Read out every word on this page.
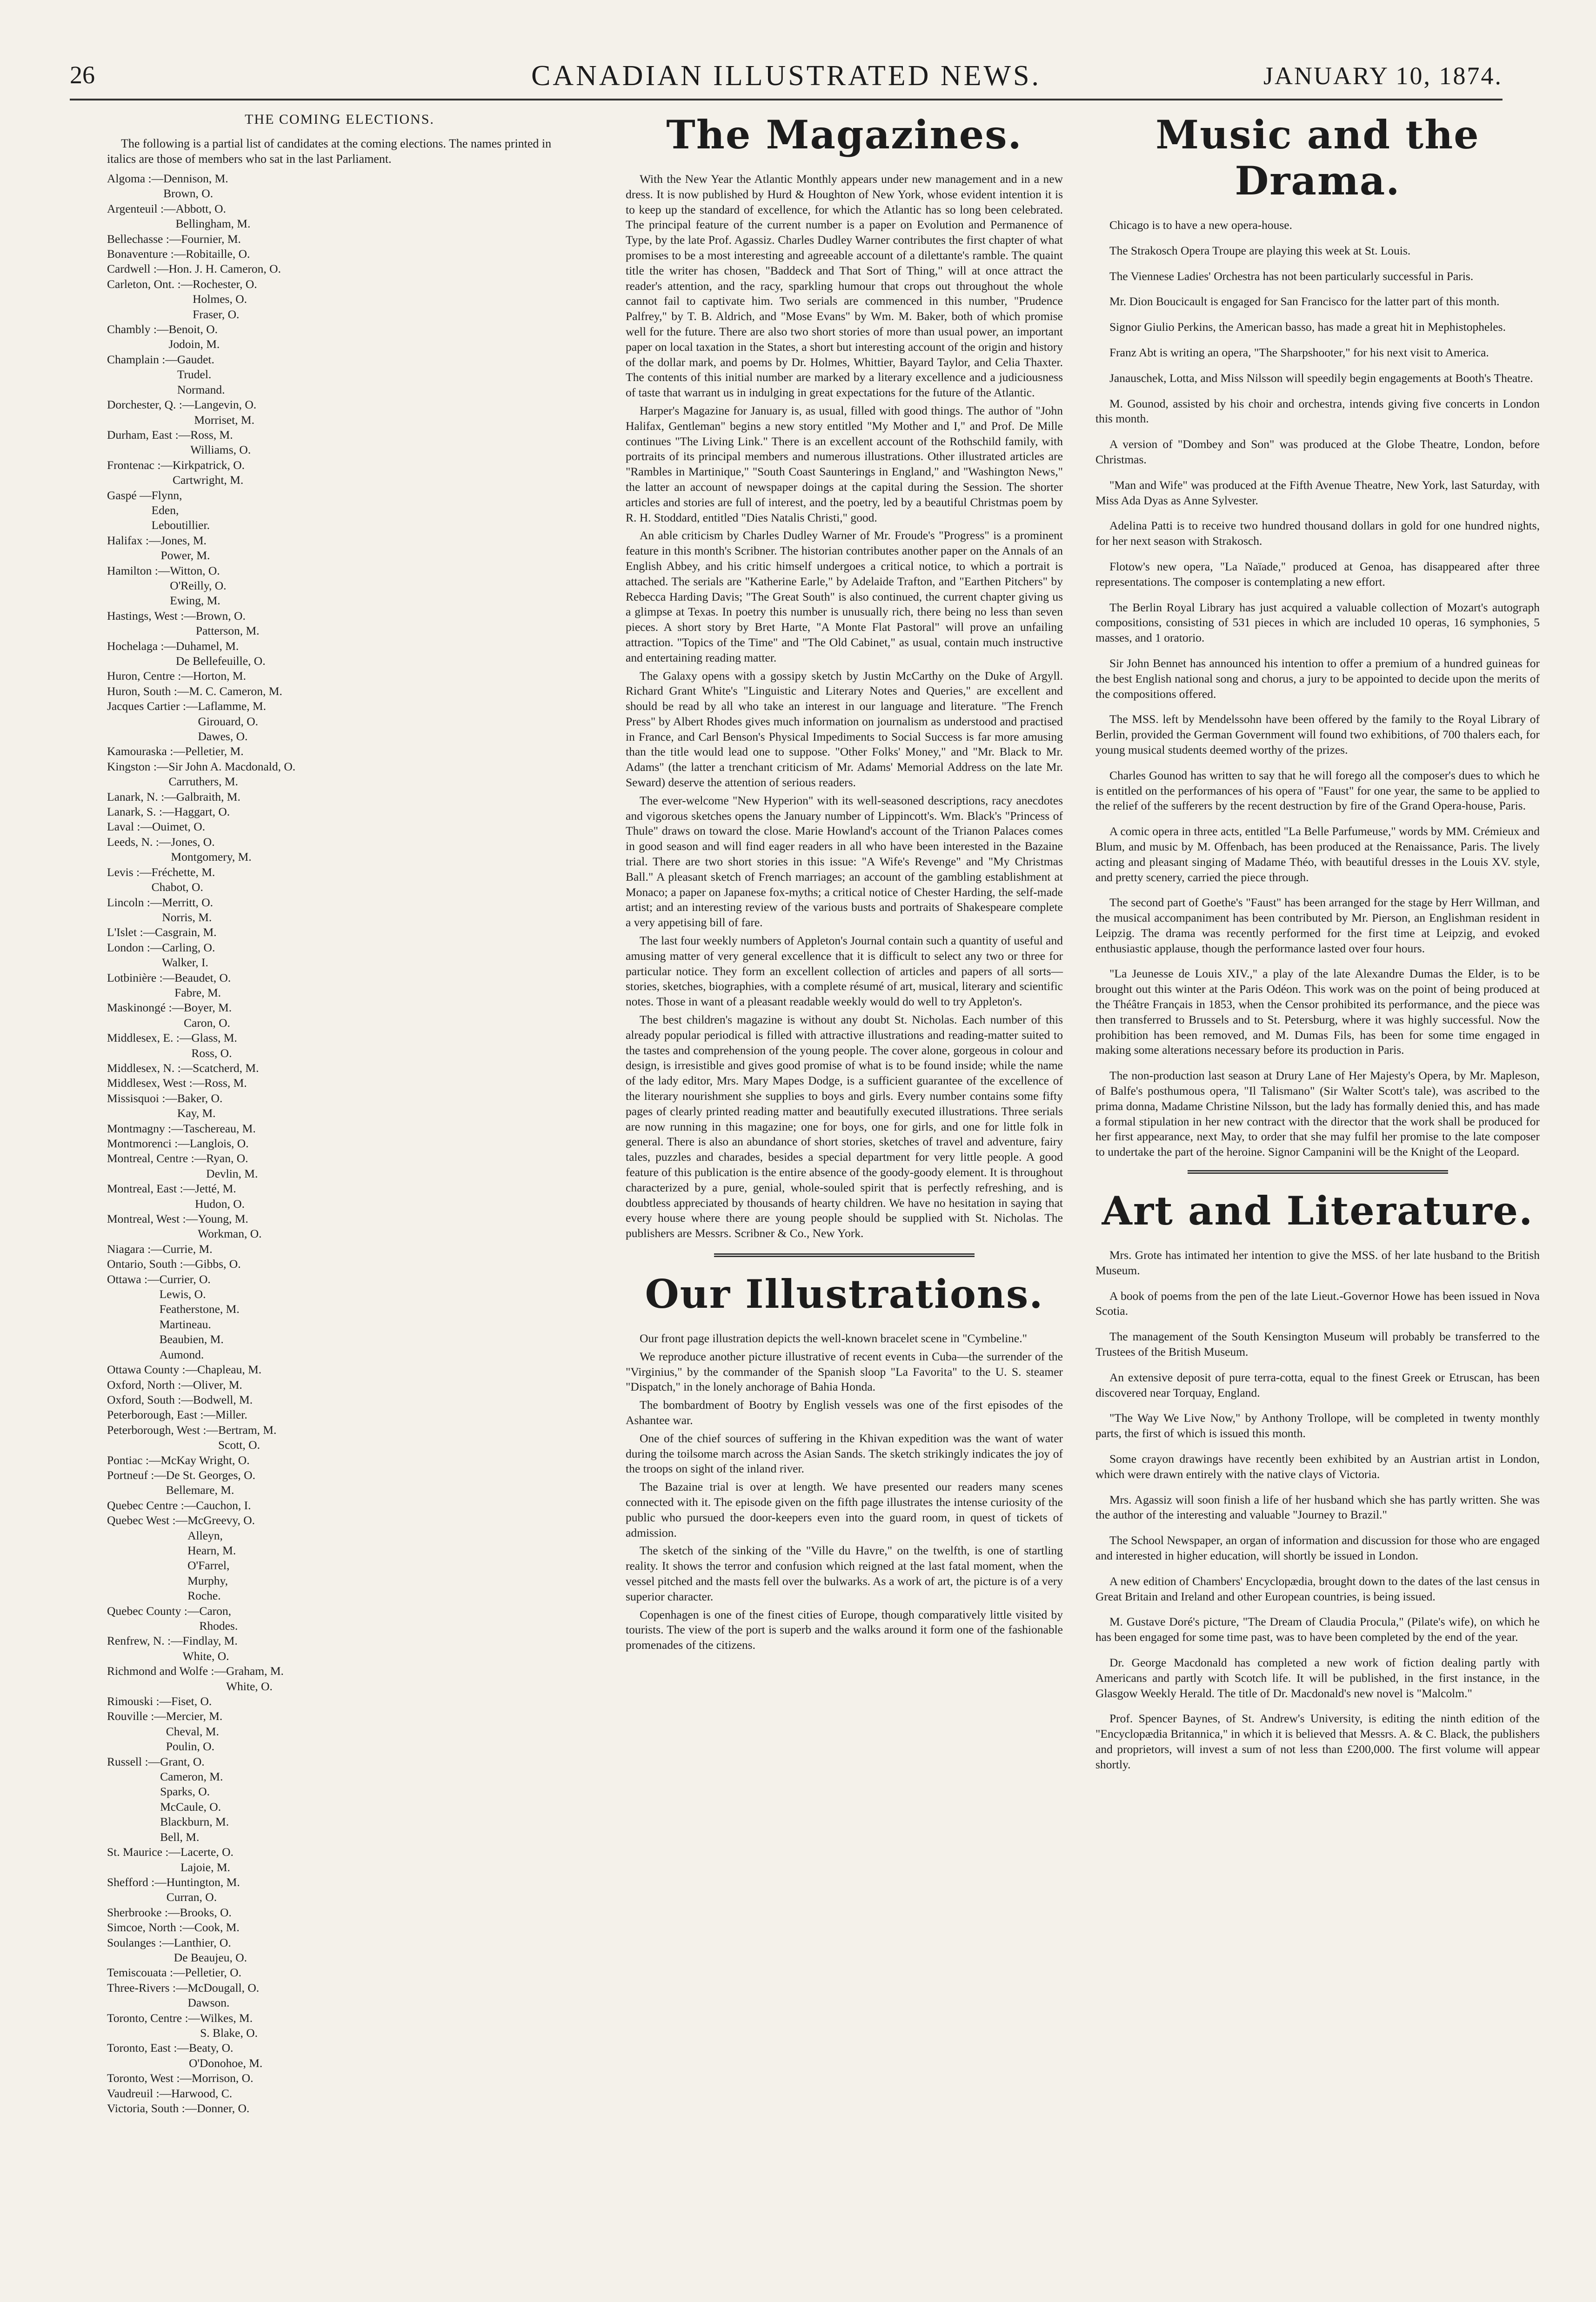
26	CANADIAN ILLUSTRATED NEWS.	JANUARY 10, 1874.
THE COMING ELECTIONS.

The following is a partial list of candidates at the coming elections. The names printed in italics are those of members who sat in the last Parliament.

Algoma :— Dennison, M.
Brown, O.
Argenteuil :— Abbott, O.
Bellingham, M.
Bellechasse :— Fournier, M.
Bonaventure :— Robitaille, O.
Cardwell :— Hon. J. H. Cameron, O.
Carleton, Ont. :— Rochester, O.
Holmes, O.
Fraser, O.
Chambly :— Benoit, O.
Jodoin, M.
Champlain :— Gaudet.
Trudel.
Normand.
Dorchester, Q. :— Langevin, O.
Morriset, M.
Durham, East :— Ross, M.
Williams, O.
Frontenac :— Kirkpatrick, O.
Cartwright, M.
Gaspé — Flynn,
Eden,
Leboutillier.
Halifax :— Jones, M.
Power, M.
Hamilton :— Witton, O.
O'Reilly, O.
Ewing, M.
Hastings, West :— Brown, O.
Patterson, M.
Hochelaga :— Duhamel, M.
De Bellefeuille, O.
Huron, Centre :— Horton, M.
Huron, South :— M. C. Cameron, M.
Jacques Cartier :— Laflamme, M.
Girouard, O.
Dawes, O.
Kamouraska :— Pelletier, M.
Kingston :— Sir John A. Macdonald, O.
Carruthers, M.
Lanark, N. :— Galbraith, M.
Lanark, S. :— Haggart, O.
Laval :— Ouimet, O.
Leeds, N. :— Jones, O.
Montgomery, M.
Levis :— Fréchette, M.
Chabot, O.
Lincoln :— Merritt, O.
Norris, M.
L'Islet :— Casgrain, M.
London :— Carling, O.
Walker, I.
Lotbinière :— Beaudet, O.
Fabre, M.
Maskinongé :— Boyer, M.
Caron, O.
Middlesex, E. :— Glass, M.
Ross, O.
Middlesex, N. :— Scatcherd, M.
Middlesex, West :— Ross, M.
Missisquoi :— Baker, O.
Kay, M.
Montmagny :— Taschereau, M.
Montmorenci :— Langlois, O.
Montreal, Centre :— Ryan, O.
Devlin, M.
Montreal, East :— Jetté, M.
Hudon, O.
Montreal, West :— Young, M.
Workman, O.
Niagara :— Currie, M.
Ontario, South :— Gibbs, O.
Ottawa :— Currier, O.
Lewis, O.
Featherstone, M.
Martineau.
Beaubien, M.
Aumond.
Ottawa County :— Chapleau, M.
Oxford, North :— Oliver, M.
Oxford, South :— Bodwell, M.
Peterborough, East :— Miller.
Peterborough, West :— Bertram, M.
Scott, O.
Pontiac :— McKay Wright, O.
Portneuf :— De St. Georges, O.
Bellemare, M.
Quebec Centre :— Cauchon, I.
Quebec West :— McGreevy, O.
Alleyn,
Hearn, M.
O'Farrel,
Murphy,
Roche.
Quebec County :— Caron,
Rhodes.
Renfrew, N. :— Findlay, M.
White, O.
Richmond and Wolfe :— Graham, M.
White, O.
Rimouski :— Fiset, O.
Rouville :— Mercier, M.
Cheval, M.
Poulin, O.
Russell :— Grant, O.
Cameron, M.
Sparks, O.
McCaule, O.
Blackburn, M.
Bell, M.
St. Maurice :— Lacerte, O.
Lajoie, M.
Shefford :— Huntington, M.
Curran, O.
Sherbrooke :— Brooks, O.
Simcoe, North :— Cook, M.
Soulanges :— Lanthier, O.
De Beaujeu, O.
Temiscouata :— Pelletier, O.
Three-Rivers :— McDougall, O.
Dawson.
Toronto, Centre :— Wilkes, M.
S. Blake, O.
Toronto, East :— Beaty, O.
O'Donohoe, M.
Toronto, West :— Morrison, O.
Vaudreuil :— Harwood, C.
Victoria, South :— Donner, O.
The Magazines.

With the New Year the Atlantic Monthly appears under new management and in a new dress. It is now published by Hurd & Houghton of New York, whose evident intention it is to keep up the standard of excellence, for which the Atlantic has so long been celebrated. The principal feature of the current number is a paper on Evolution and Permanence of Type, by the late Prof. Agassiz. Charles Dudley Warner contributes the first chapter of what promises to be a most interesting and agreeable account of a dilettante's ramble. The quaint title the writer has chosen, "Baddeck and That Sort of Thing," will at once attract the reader's attention, and the racy, sparkling humour that crops out throughout the whole cannot fail to captivate him. Two serials are commenced in this number, "Prudence Palfrey," by T. B. Aldrich, and "Mose Evans" by Wm. M. Baker, both of which promise well for the future. There are also two short stories of more than usual power, an important paper on local taxation in the States, a short but interesting account of the origin and history of the dollar mark, and poems by Dr. Holmes, Whittier, Bayard Taylor, and Celia Thaxter. The contents of this initial number are marked by a literary excellence and a judiciousness of taste that warrant us in indulging in great expectations for the future of the Atlantic.

Harper's Magazine for January is, as usual, filled with good things. The author of "John Halifax, Gentleman" begins a new story entitled "My Mother and I," and Prof. De Mille continues "The Living Link." There is an excellent account of the Rothschild family, with portraits of its principal members and numerous illustrations. Other illustrated articles are "Rambles in Martinique," "South Coast Saunterings in England," and "Washington News," the latter an account of newspaper doings at the capital during the Session. The shorter articles and stories are full of interest, and the poetry, led by a beautiful Christmas poem by R. H. Stoddard, entitled "Dies Natalis Christi," good.

An able criticism by Charles Dudley Warner of Mr. Froude's "Progress" is a prominent feature in this month's Scribner. The historian contributes another paper on the Annals of an English Abbey, and his critic himself undergoes a critical notice, to which a portrait is attached. The serials are "Katherine Earle," by Adelaide Trafton, and "Earthen Pitchers" by Rebecca Harding Davis; "The Great South" is also continued, the current chapter giving us a glimpse at Texas. In poetry this number is unusually rich, there being no less than seven pieces. A short story by Bret Harte, "A Monte Flat Pastoral" will prove an unfailing attraction. "Topics of the Time" and "The Old Cabinet," as usual, contain much instructive and entertaining reading matter.

The Galaxy opens with a gossipy sketch by Justin McCarthy on the Duke of Argyll. Richard Grant White's "Linguistic and Literary Notes and Queries," are excellent and should be read by all who take an interest in our language and literature. "The French Press" by Albert Rhodes gives much information on journalism as understood and practised in France, and Carl Benson's Physical Impediments to Social Success is far more amusing than the title would lead one to suppose. "Other Folks' Money," and "Mr. Black to Mr. Adams" (the latter a trenchant criticism of Mr. Adams' Memorial Address on the late Mr. Seward) deserve the attention of serious readers.

The ever-welcome "New Hyperion" with its well-seasoned descriptions, racy anecdotes and vigorous sketches opens the January number of Lippincott's. Wm. Black's "Princess of Thule" draws on toward the close. Marie Howland's account of the Trianon Palaces comes in good season and will find eager readers in all who have been interested in the Bazaine trial. There are two short stories in this issue: "A Wife's Revenge" and "My Christmas Ball." A pleasant sketch of French marriages; an account of the gambling establishment at Monaco; a paper on Japanese fox-myths; a critical notice of Chester Harding, the self-made artist; and an interesting review of the various busts and portraits of Shakespeare complete a very appetising bill of fare.

The last four weekly numbers of Appleton's Journal contain such a quantity of useful and amusing matter of very general excellence that it is difficult to select any two or three for particular notice. They form an excellent collection of articles and papers of all sorts—stories, sketches, biographies, with a complete résumé of art, musical, literary and scientific notes. Those in want of a pleasant readable weekly would do well to try Appleton's.

The best children's magazine is without any doubt St. Nicholas. Each number of this already popular periodical is filled with attractive illustrations and reading-matter suited to the tastes and comprehension of the young people. The cover alone, gorgeous in colour and design, is irresistible and gives good promise of what is to be found inside; while the name of the lady editor, Mrs. Mary Mapes Dodge, is a sufficient guarantee of the excellence of the literary nourishment she supplies to boys and girls. Every number contains some fifty pages of clearly printed reading matter and beautifully executed illustrations. Three serials are now running in this magazine; one for boys, one for girls, and one for little folk in general. There is also an abundance of short stories, sketches of travel and adventure, fairy tales, puzzles and charades, besides a special department for very little people. A good feature of this publication is the entire absence of the goody-goody element. It is throughout characterized by a pure, genial, whole-souled spirit that is perfectly refreshing, and is doubtless appreciated by thousands of hearty children. We have no hesitation in saying that every house where there are young people should be supplied with St. Nicholas. The publishers are Messrs. Scribner & Co., New York.

Our Illustrations.

Our front page illustration depicts the well-known bracelet scene in "Cymbeline."

We reproduce another picture illustrative of recent events in Cuba—the surrender of the "Virginius," by the commander of the Spanish sloop "La Favorita" to the U. S. steamer "Dispatch," in the lonely anchorage of Bahia Honda.

The bombardment of Bootry by English vessels was one of the first episodes of the Ashantee war.

One of the chief sources of suffering in the Khivan expedition was the want of water during the toilsome march across the Asian Sands. The sketch strikingly indicates the joy of the troops on sight of the inland river.

The Bazaine trial is over at length. We have presented our readers many scenes connected with it. The episode given on the fifth page illustrates the intense curiosity of the public who pursued the door-keepers even into the guard room, in quest of tickets of admission.

The sketch of the sinking of the "Ville du Havre," on the twelfth, is one of startling reality. It shows the terror and confusion which reigned at the last fatal moment, when the vessel pitched and the masts fell over the bulwarks. As a work of art, the picture is of a very superior character.

Copenhagen is one of the finest cities of Europe, though comparatively little visited by tourists. The view of the port is superb and the walks around it form one of the fashionable promenades of the citizens.

Music and the Drama.

Chicago is to have a new opera-house.

The Strakosch Opera Troupe are playing this week at St. Louis.

The Viennese Ladies' Orchestra has not been particularly successful in Paris.

Mr. Dion Boucicault is engaged for San Francisco for the latter part of this month.

Signor Giulio Perkins, the American basso, has made a great hit in Mephistopheles.

Franz Abt is writing an opera, "The Sharpshooter," for his next visit to America.

Janauschek, Lotta, and Miss Nilsson will speedily begin engagements at Booth's Theatre.

M. Gounod, assisted by his choir and orchestra, intends giving five concerts in London this month.

A version of "Dombey and Son" was produced at the Globe Theatre, London, before Christmas.

"Man and Wife" was produced at the Fifth Avenue Theatre, New York, last Saturday, with Miss Ada Dyas as Anne Sylvester.

Adelina Patti is to receive two hundred thousand dollars in gold for one hundred nights, for her next season with Strakosch.

Flotow's new opera, "La Naïade," produced at Genoa, has disappeared after three representations. The composer is contemplating a new effort.

The Berlin Royal Library has just acquired a valuable collection of Mozart's autograph compositions, consisting of 531 pieces in which are included 10 operas, 16 symphonies, 5 masses, and 1 oratorio.

Sir John Bennet has announced his intention to offer a premium of a hundred guineas for the best English national song and chorus, a jury to be appointed to decide upon the merits of the compositions offered.

The MSS. left by Mendelssohn have been offered by the family to the Royal Library of Berlin, provided the German Government will found two exhibitions, of 700 thalers each, for young musical students deemed worthy of the prizes.

Charles Gounod has written to say that he will forego all the composer's dues to which he is entitled on the performances of his opera of "Faust" for one year, the same to be applied to the relief of the sufferers by the recent destruction by fire of the Grand Opera-house, Paris.

A comic opera in three acts, entitled "La Belle Parfumeuse," words by MM. Crémieux and Blum, and music by M. Offenbach, has been produced at the Renaissance, Paris. The lively acting and pleasant singing of Madame Théo, with beautiful dresses in the Louis XV. style, and pretty scenery, carried the piece through.

The second part of Goethe's "Faust" has been arranged for the stage by Herr Willman, and the musical accompaniment has been contributed by Mr. Pierson, an Englishman resident in Leipzig. The drama was recently performed for the first time at Leipzig, and evoked enthusiastic applause, though the performance lasted over four hours.

"La Jeunesse de Louis XIV.," a play of the late Alexandre Dumas the Elder, is to be brought out this winter at the Paris Odéon. This work was on the point of being produced at the Théâtre Français in 1853, when the Censor prohibited its performance, and the piece was then transferred to Brussels and to St. Petersburg, where it was highly successful. Now the prohibition has been removed, and M. Dumas Fils, has been for some time engaged in making some alterations necessary before its production in Paris.

The non-production last season at Drury Lane of Her Majesty's Opera, by Mr. Mapleson, of Balfe's posthumous opera, "Il Talismano" (Sir Walter Scott's tale), was ascribed to the prima donna, Madame Christine Nilsson, but the lady has formally denied this, and has made a formal stipulation in her new contract with the director that the work shall be produced for her first appearance, next May, to order that she may fulfil her promise to the late composer to undertake the part of the heroine. Signor Campanini will be the Knight of the Leopard.

Art and Literature.

Mrs. Grote has intimated her intention to give the MSS. of her late husband to the British Museum.

A book of poems from the pen of the late Lieut.-Governor Howe has been issued in Nova Scotia.

The management of the South Kensington Museum will probably be transferred to the Trustees of the British Museum.

An extensive deposit of pure terra-cotta, equal to the finest Greek or Etruscan, has been discovered near Torquay, England.

"The Way We Live Now," by Anthony Trollope, will be completed in twenty monthly parts, the first of which is issued this month.

Some crayon drawings have recently been exhibited by an Austrian artist in London, which were drawn entirely with the native clays of Victoria.

Mrs. Agassiz will soon finish a life of her husband which she has partly written. She was the author of the interesting and valuable "Journey to Brazil."

The School Newspaper, an organ of information and discussion for those who are engaged and interested in higher education, will shortly be issued in London.

A new edition of Chambers' Encyclopædia, brought down to the dates of the last census in Great Britain and Ireland and other European countries, is being issued.

M. Gustave Doré's picture, "The Dream of Claudia Procula," (Pilate's wife), on which he has been engaged for some time past, was to have been completed by the end of the year.

Dr. George Macdonald has completed a new work of fiction dealing partly with Americans and partly with Scotch life. It will be published, in the first instance, in the Glasgow Weekly Herald. The title of Dr. Macdonald's new novel is "Malcolm."

Prof. Spencer Baynes, of St. Andrew's University, is editing the ninth edition of the "Encyclopædia Britannica," in which it is believed that Messrs. A. & C. Black, the publishers and proprietors, will invest a sum of not less than £200,000. The first volume will appear shortly.
